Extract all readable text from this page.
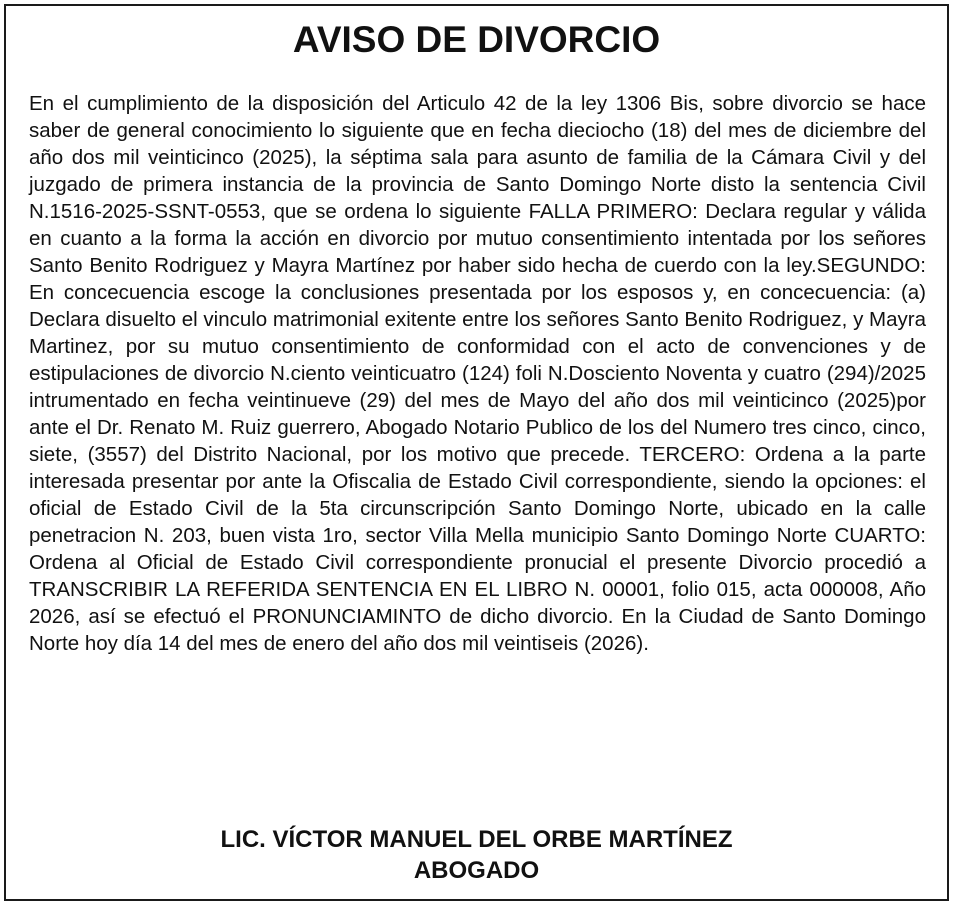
AVISO DE DIVORCIO

En el cumplimiento de la disposición del Articulo 42 de la ley 1306 Bis, sobre divorcio se hace saber de general conocimiento lo siguiente que en fecha dieciocho (18) del mes de diciembre del año dos mil veinticinco (2025), la séptima sala para asunto de familia de la Cámara Civil y del juzgado de primera instancia de la provincia de Santo Domingo Norte disto la sentencia Civil N.1516-2025-SSNT-0553, que se ordena lo siguiente FALLA PRIMERO: Declara regular y válida en cuanto a la forma la acción en divorcio por mutuo consentimiento intentada por los señores Santo Benito Rodriguez y Mayra Martínez por haber sido hecha de cuerdo con la ley.SEGUNDO: En concecuencia escoge la conclusiones presentada por los esposos y, en concecuencia: (a) Declara disuelto el vinculo matrimonial exitente entre los señores Santo Benito Rodriguez, y Mayra Martinez, por su mutuo consentimiento de conformidad con el acto de convenciones y de estipulaciones de divorcio N.ciento veinticuatro (124) foli N.Dosciento Noventa y cuatro (294)/2025 intrumentado en fecha veintinueve (29) del mes de Mayo del año dos mil veinticinco (2025)por ante el Dr. Renato M. Ruiz guerrero, Abogado Notario Publico de los del Numero tres cinco, cinco, siete, (3557) del Distrito Nacional, por los motivo que precede. TERCERO: Ordena a la parte interesada presentar por ante la Ofiscalia de Estado Civil correspondiente, siendo la opciones: el oficial de Estado Civil de la 5ta circunscripción Santo Domingo Norte, ubicado en la calle penetracion N. 203, buen vista 1ro, sector Villa Mella municipio Santo Domingo Norte CUARTO: Ordena al Oficial de Estado Civil correspondiente pronucial el presente Divorcio procedió a TRANSCRIBIR LA REFERIDA SENTENCIA EN EL LIBRO N. 00001, folio 015, acta 000008, Año 2026, así se efectuó el PRONUNCIAMINTO de dicho divorcio. En la Ciudad de Santo Domingo Norte hoy día 14 del mes de enero del año dos mil veintiseis (2026).

LIC. VÍCTOR MANUEL DEL ORBE MARTÍNEZ
ABOGADO
